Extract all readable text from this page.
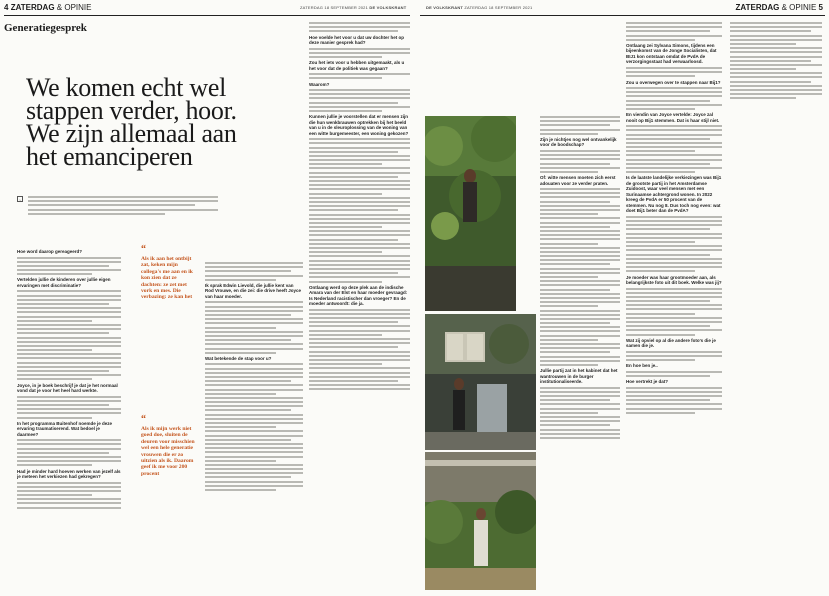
4 ZATERDAG & OPINIE	ZATERDAG 18 SEPTEMBER 2021 DE VOLKSKRANT	DE VOLKSKRANT ZATERDAG 18 SEPTEMBER 2021	ZATERDAG & OPINIE 5
Generatiegesprek
We komen echt wel stappen verder, hoor. We zijn allemaal aan het emanciperen
›
Hoe word daarop gereageerd?
Vertelden jullie de kinderen over jullie eigen ervaringen met discriminatie?
Joyce, in je boek beschrijf je dat je het normaal vond dat je voor het heel hard werkte.
In het programma Buitenhof noemde je deze ervaring traumatiserend. Wat bedoel je daarmee?
Had je minder hard hoeven werken van jezelf als je meteen het verkiezen had gekregen?
“
Als ik aan het ontbijt zat, keken mijn collega's me aan en ik kon zien dat ze dachten: ze zet met vork en mes. Die verbazing: ze kan het
“
Als ik mijn werk niet goed doe, sluiten de deuren voor misschien wel een hele generatie vrouwen die er zo uitzien als ik. Daarom geef ik me voor 200 procent
Ik sprak Edwin Lievold, die jullie kent van Rod Vrouwe, en die zei: die drive heeft Joyce van haar moeder.
Wat betekende de stap voor u?
Hoe voelde het voor u dat uw dochter het op deze manier gesprek had?
Zou het iets voor u hebben uitgemaakt, als u het voor dat de politiek was gegaan?
Waarom?
Kunnen jullie je voorstellen dat er mensen zijn die hun wenkbrauwen optrekken bij het beeld van u in de sleuroplossing van de woning van een witte burgemeester, een woning gekozen?
Ontlaang werd op deze plek aan de indische Amara van der Elst en haar moeder gevraagd: Is Nederland racistischer dan vroeger? En de moeder antwoordt: die ja.
Zijn je nichtjes nog wel ontvankelijk voor de boodschap?
Of: witte mensen moeten zich eerst adouaten voor ze verder praten.
Jullie partij zat in het kabinet dat het wantrouwen in de burger institutionaliseerde.
Ontlaang zei Sylvana Simons, tijdens een bijeenkomst van de Jonge Socialisten, dat BIJ1 kon ontstaan omdat de PvdA de verzorgingsstaat had verwaarloosd.
Zou u overwegen over te stappen naar Bij1?
En viendin van Joyce vertelde: Joyce zal nooit op Bij1 stemmen. Dat is haar stijl niet.
Is de laatste landelijke verkiezingen was Bij1 de grootste partij in het Amsterdamse Zuidoost, waar veel mensen met een Surinaamse achtergrond wonen. In 2022 kreeg de PvdA er 50 procent van de stemmen. Nu nog 8. Dus toch nog even: wat doet Bij1 beter dan de PvdA?
Je moeder was haar grootmoeder aan, als belangrijkste foto uit dit boek. Welke was jij?
Wat zij opviel op al die andere foto's die je samen die je.
En hoe ben je..
Hoe vertrekt je dat?
